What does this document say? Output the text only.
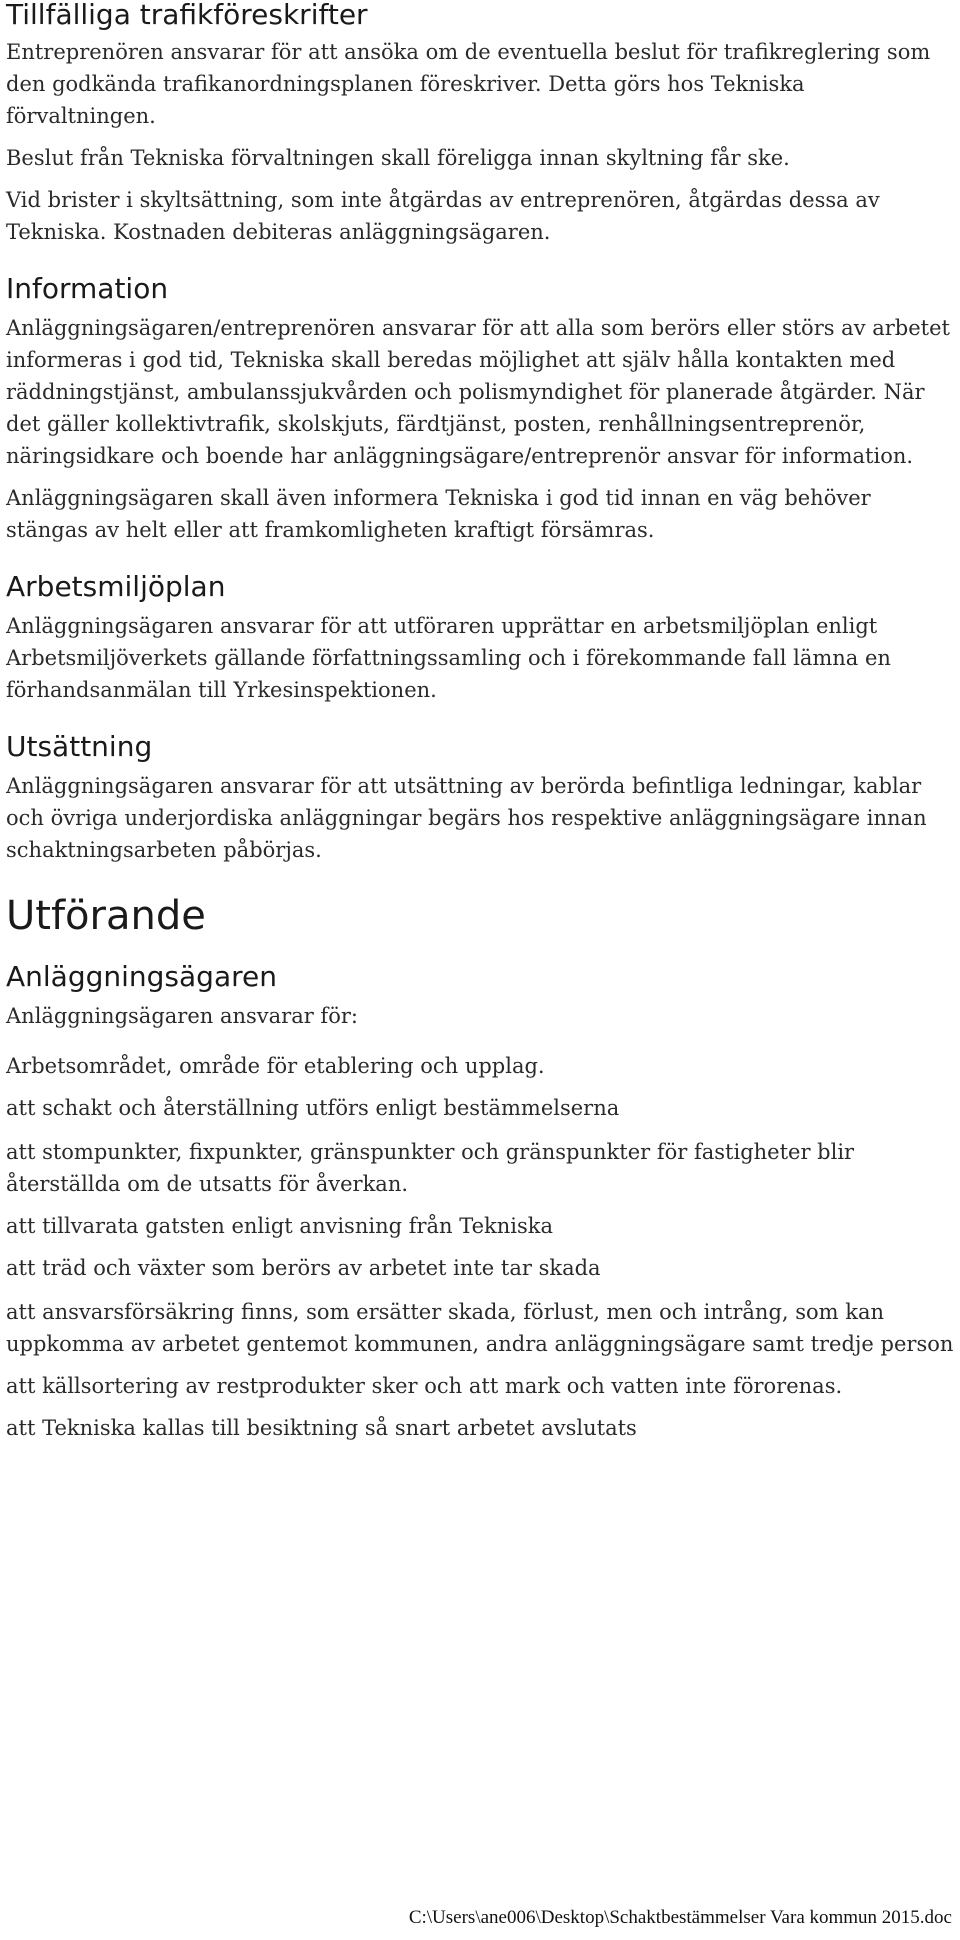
Tillfälliga trafikföreskrifter

Entreprenören ansvarar för att ansöka om de eventuella beslut för trafikreglering som den godkända trafikanordningsplanen föreskriver. Detta görs hos Tekniska förvaltningen.

Beslut från Tekniska förvaltningen skall föreligga innan skyltning får ske.

Vid brister i skyltsättning, som inte åtgärdas av entreprenören, åtgärdas dessa av Tekniska. Kostnaden debiteras anläggningsägaren.

Information

Anläggningsägaren/entreprenören ansvarar för att alla som berörs eller störs av arbetet informeras i god tid, Tekniska skall beredas möjlighet att själv hålla kontakten med räddningstjänst, ambulanssjukvården och polismyndighet för planerade åtgärder. När det gäller kollektivtrafik, skolskjuts, färdtjänst, posten, renhållningsentreprenör, näringsidkare och boende har anläggningsägare/entreprenör ansvar för information.

Anläggningsägaren skall även informera Tekniska i god tid innan en väg behöver stängas av helt eller att framkomligheten kraftigt försämras.

Arbetsmiljöplan

Anläggningsägaren ansvarar för att utföraren upprättar en arbetsmiljöplan enligt Arbetsmiljöverkets gällande författningssamling och i förekommande fall lämna en förhandsanmälan till Yrkesinspektionen.

Utsättning

Anläggningsägaren ansvarar för att utsättning av berörda befintliga ledningar, kablar och övriga underjordiska anläggningar begärs hos respektive anläggningsägare innan schaktningsarbeten påbörjas.

Utförande
Anläggningsägaren

Anläggningsägaren ansvarar för:

Arbetsområdet, område för etablering och upplag.

att schakt och återställning utförs enligt bestämmelserna

att stompunkter, fixpunkter, gränspunkter och gränspunkter för fastigheter blir återställda om de utsatts för åverkan.

att tillvarata gatsten enligt anvisning från Tekniska

att träd och växter som berörs av arbetet inte tar skada

att ansvarsförsäkring finns, som ersätter skada, förlust, men och intrång, som kan uppkomma av arbetet gentemot kommunen, andra anläggningsägare samt tredje person

att källsortering av restprodukter sker och att mark och vatten inte förorenas.

att Tekniska kallas till besiktning så snart arbetet avslutats

C:\Users\ane006\Desktop\Schaktbestämmelser Vara kommun 2015.doc
